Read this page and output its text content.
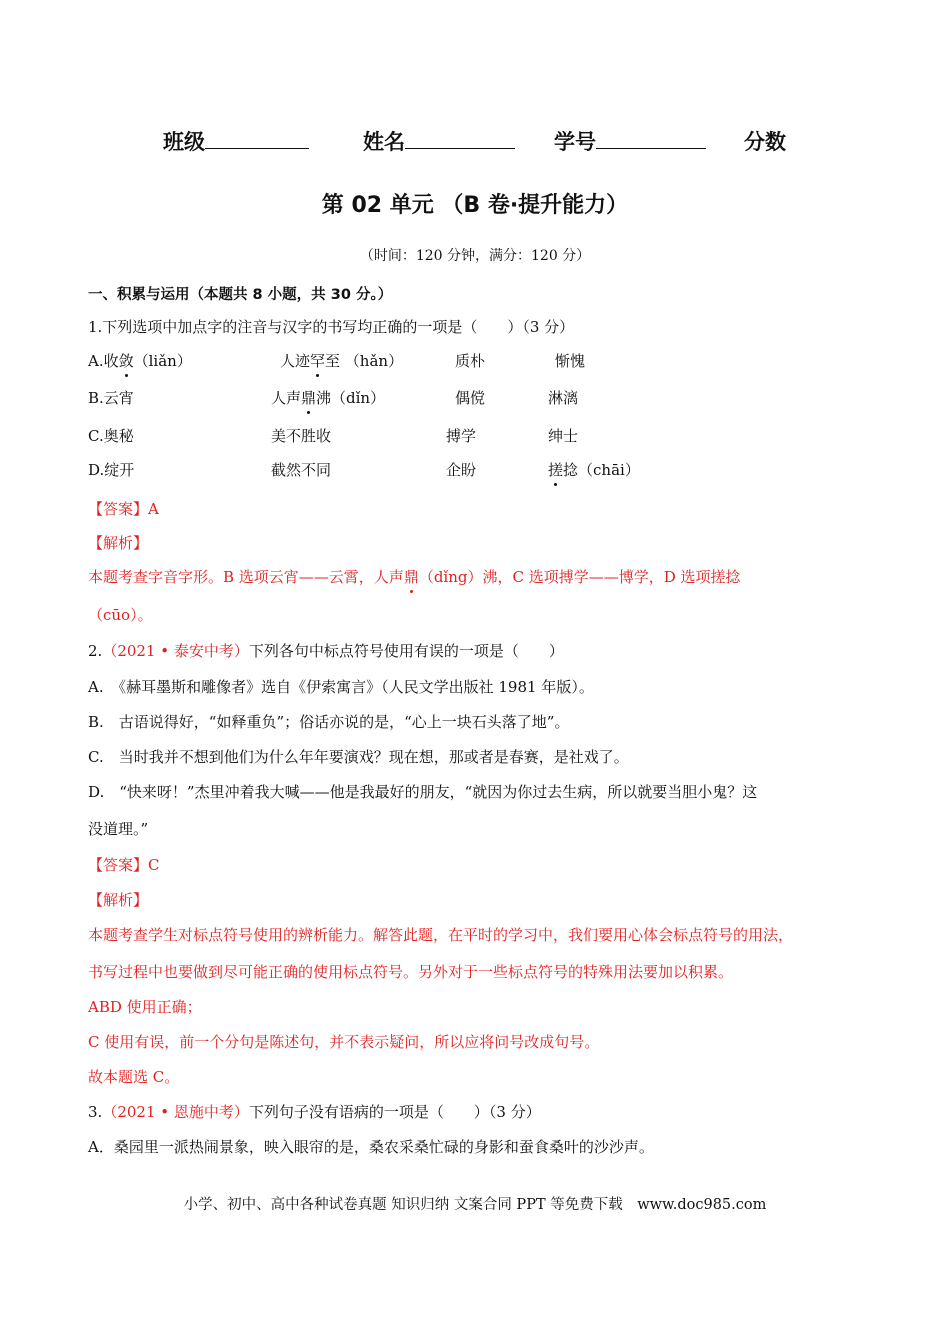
班级	姓名	学号	分数
第 02 单元 （B 卷·提升能力）
（时间：120 分钟，满分：120 分）
一、积累与运用（本题共 8 小题，共 30 分。）
1.下列选项中加点字的注音与汉字的书写均正确的一项是（　　）（3 分）
A.收敛（liǎn）	人迹罕至 （hǎn）	质朴	惭愧
B.云宵	人声鼎沸（dǐn）	偶傥	淋漓
C.奥秘	美不胜收	搏学	绅士
D.绽开	截然不同	企盼	搓捻（chāi）
【答案】A
【解析】
本题考查字音字形。B 选项云宵——云霄，人声鼎（dǐng）沸，C 选项搏学——博学，D 选项搓捻
（cūo）。
2.（2021 • 泰安中考）下列各句中标点符号使用有误的一项是（　　）
A.　《赫耳墨斯和雕像者》选自《伊索寓言》（人民文学出版社 1981 年版）。
B.　古语说得好，“如释重负”；俗话亦说的是，“心上一块石头落了地”。
C.　当时我并不想到他们为什么年年要演戏？现在想，那或者是春赛，是社戏了。
D.　“快来呀！”杰里冲着我大喊——他是我最好的朋友，“就因为你过去生病，所以就要当胆小鬼？这
没道理。”
【答案】C
【解析】
本题考查学生对标点符号使用的辨析能力。解答此题，在平时的学习中，我们要用心体会标点符号的用法，
书写过程中也要做到尽可能正确的使用标点符号。另外对于一些标点符号的特殊用法要加以积累。
ABD 使用正确；
C 使用有误，前一个分句是陈述句，并不表示疑问，所以应将问号改成句号。
故本题选 C。
3.（2021 • 恩施中考）下列句子没有语病的一项是（　　）（3 分）
A．桑园里一派热闹景象，映入眼帘的是，桑农采桑忙碌的身影和蚕食桑叶的沙沙声。
小学、初中、高中各种试卷真题 知识归纳 文案合同 PPT 等免费下载　www.doc985.com
